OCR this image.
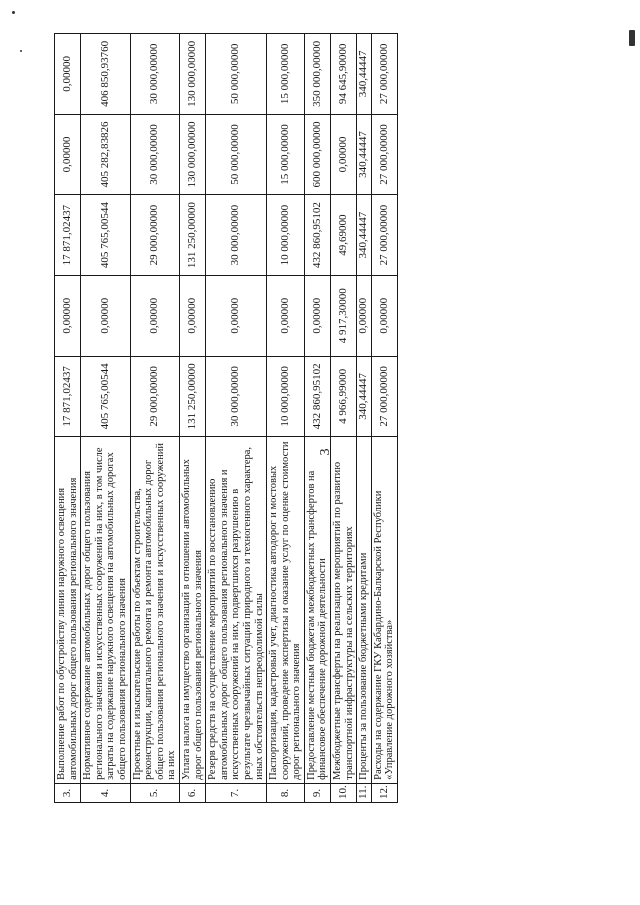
3
3.	Выполнение работ по обустройству линии наружного освещения автомобильных дорог общего пользования регионального значения	17 871,02437	0,00000	17 871,02437	0,00000	0,00000
4.	Нормативное содержание автомобильных дорог общего пользования регионального значения и искусственных сооружений на них, в том числе затраты на содержание наружного освещения на автомобильных дорогах общего пользования регионального значения	405 765,00544	0,00000	405 765,00544	405 282,83826	406 850,93760
5.	Проектные и изыскательские работы по объектам строительства, реконструкции, капитального ремонта и ремонта автомобильных дорог общего пользования регионального значения и искусственных сооружений на них	29 000,00000	0,00000	29 000,00000	30 000,00000	30 000,00000
6.	Уплата налога на имущество организаций в отношении автомобильных дорог общего пользования регионального значения	131 250,00000	0,00000	131 250,00000	130 000,00000	130 000,00000
7.	Резерв средств на осуществление мероприятий по восстановлению автомобильных дорог общего пользования регионального значения и искусственных сооружений на них, подвергшихся разрушению в результате чрезвычайных ситуаций природного и техногенного характера, иных обстоятельств непреодолимой силы	30 000,00000	0,00000	30 000,00000	50 000,00000	50 000,00000
8.	Паспортизация, кадастровый учет, диагностика автодорог и мостовых сооружений, проведение экспертизы и оказание услуг по оценке стоимости дорог регионального значения	10 000,00000	0,00000	10 000,00000	15 000,00000	15 000,00000
9.	Предоставление местным бюджетам межбюджетных трансфертов на финансовое обеспечение дорожной деятельности	432 860,95102	0,00000	432 860,95102	600 000,00000	350 000,00000
10.	Межбюджетные трансферты на реализацию мероприятий по развитию транспортной инфраструктуры на сельских территориях	4 966,99000	4 917,30000	49,69000	0,00000	94 645,90000
11.	Проценты за пользование бюджетными кредитами	340,44447	0,00000	340,44447	340,44447	340,44447
12.	Расходы на содержание ГКУ Кабардино-Балкарской Республики «Управление дорожного хозяйства»	27 000,00000	0,00000	27 000,00000	27 000,00000	27 000,00000
